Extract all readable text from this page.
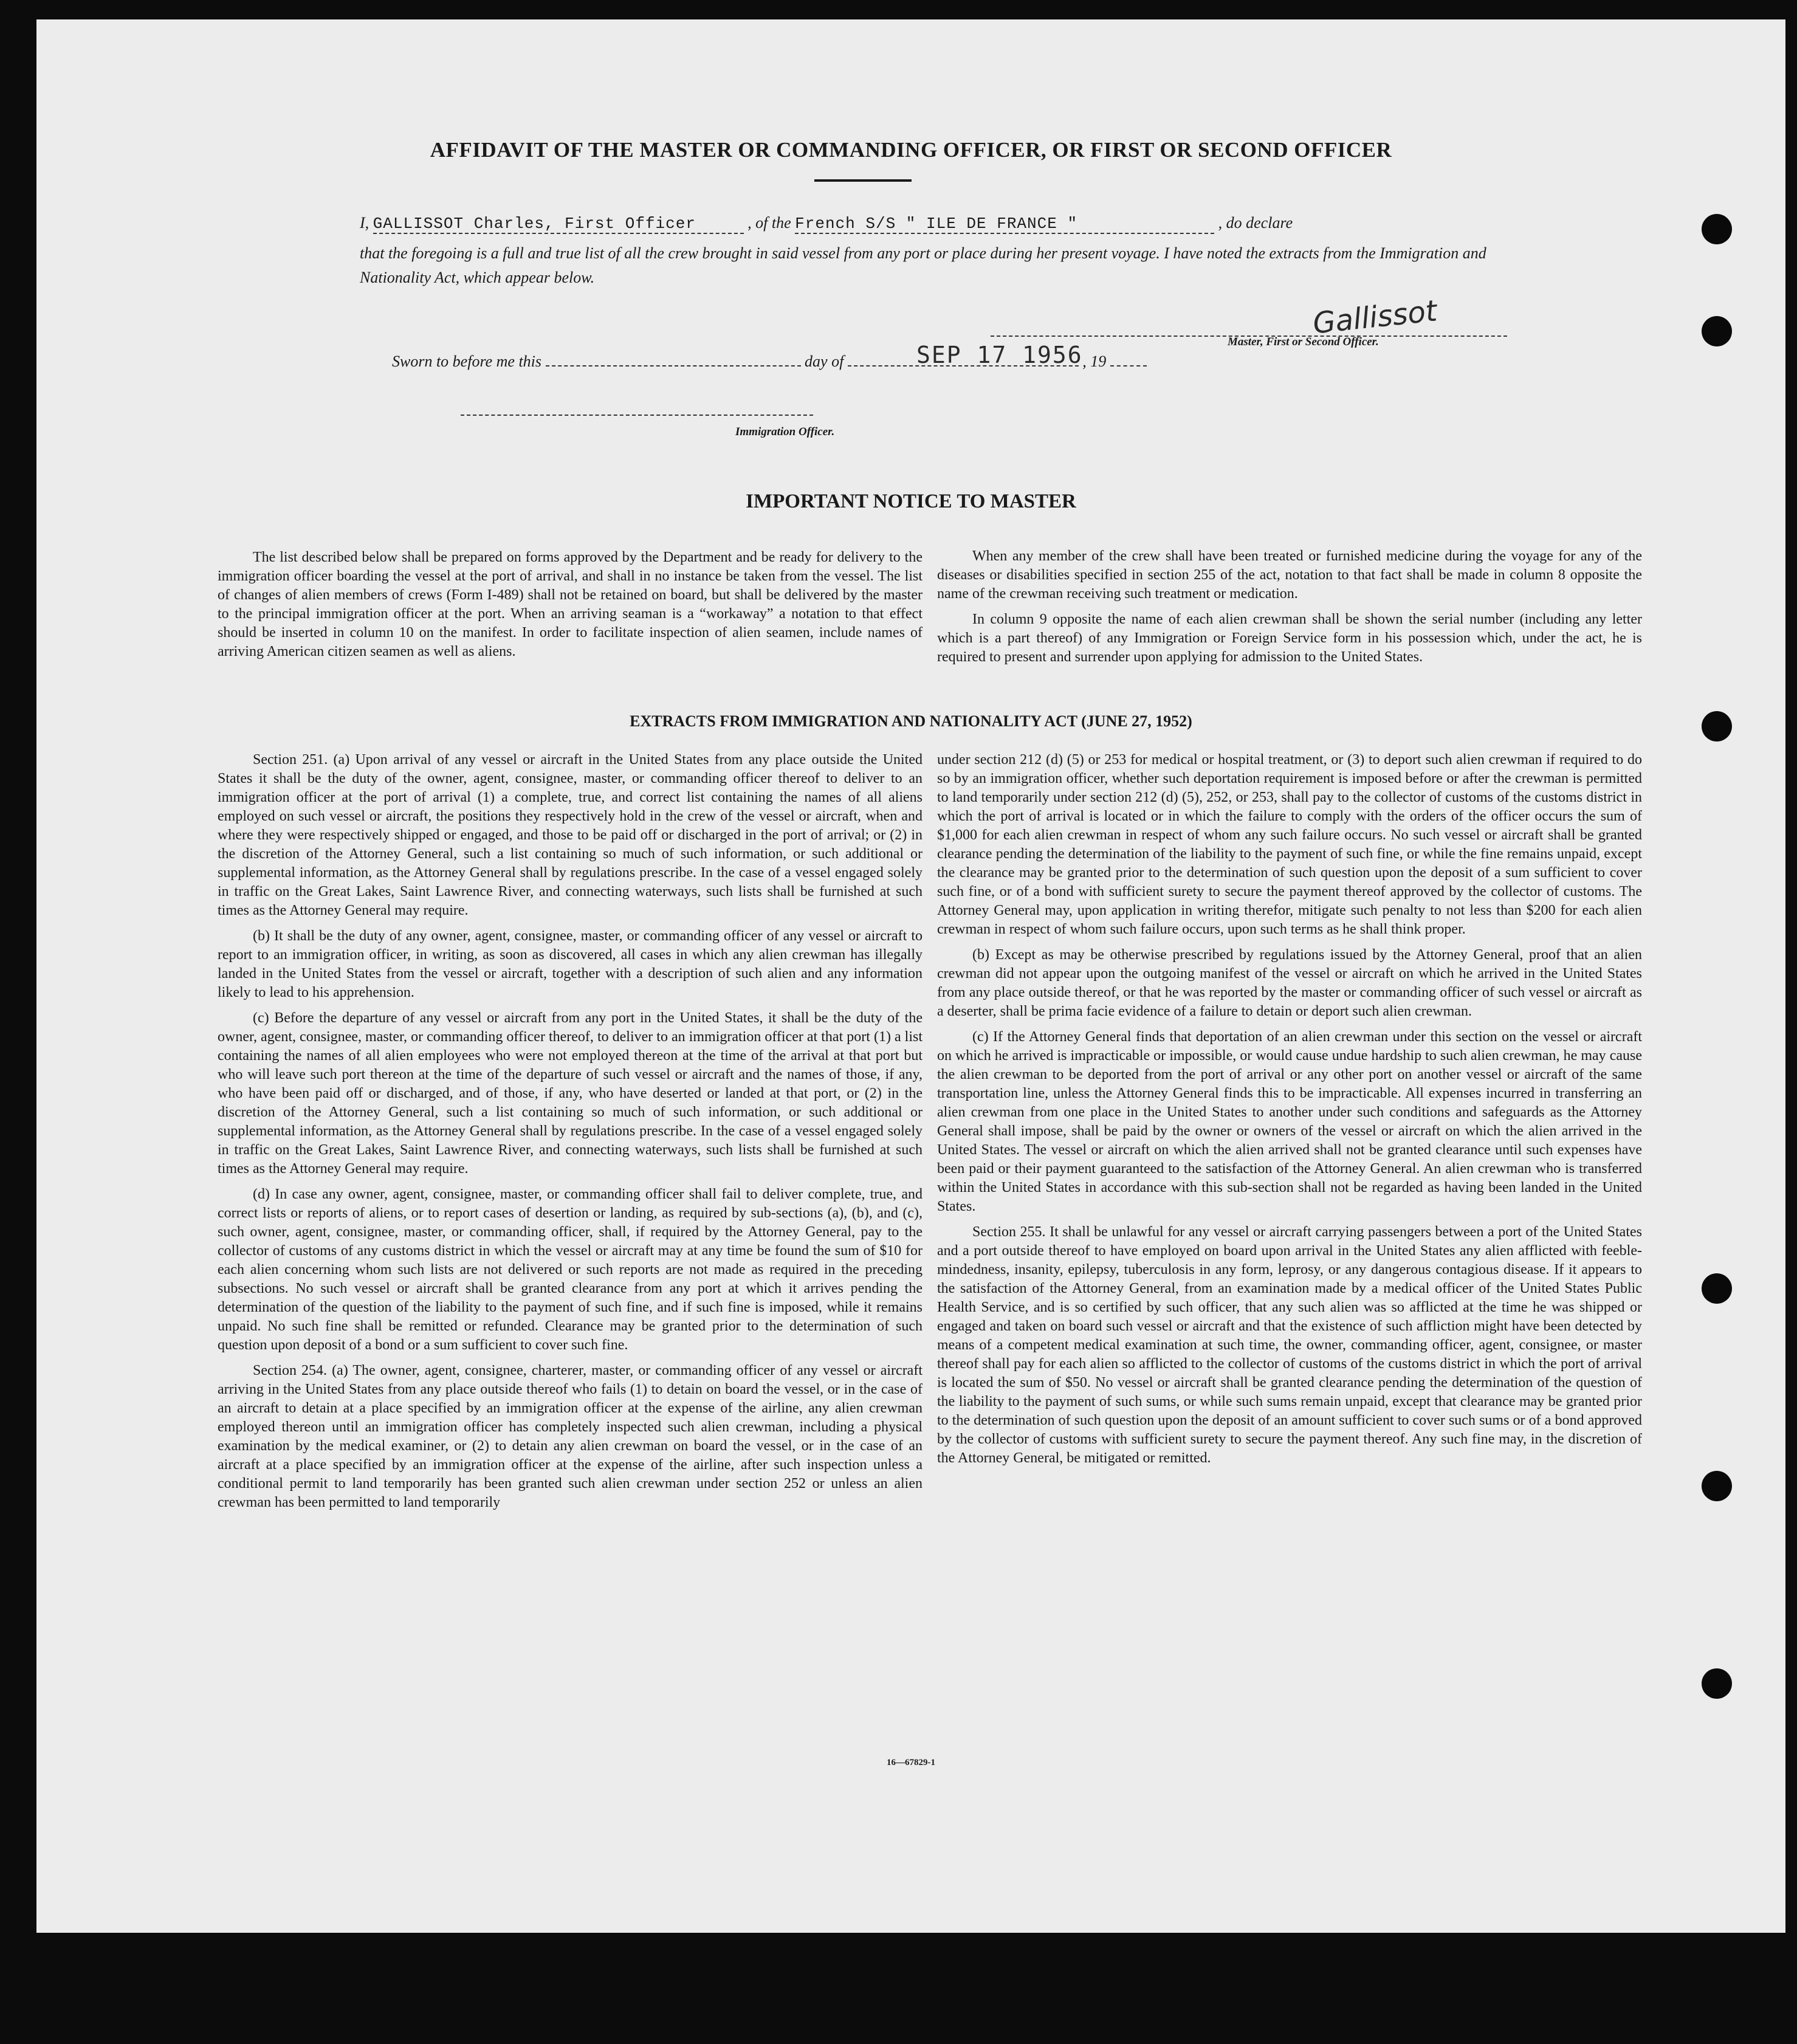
AFFIDAVIT OF THE MASTER OR COMMANDING OFFICER, OR FIRST OR SECOND OFFICER
I, GALLISSOT Charles, First Officer	, of the French S/S " ILE DE FRANCE "	, do declare
that the foregoing is a full and true list of all the crew brought in said vessel from any port or place during her present voyage. I have noted the extracts from the Immigration and Nationality Act, which appear below.
Gallissot
Master, First or Second Officer.
Sworn to before me this	day of	, 19
SEP 17 1956
Immigration Officer.
IMPORTANT NOTICE TO MASTER

The list described below shall be prepared on forms approved by the Department and be ready for delivery to the immigration officer boarding the vessel at the port of arrival, and shall in no instance be taken from the vessel. The list of changes of alien members of crews (Form I-489) shall not be retained on board, but shall be delivered by the master to the principal immigration officer at the port. When an arriving seaman is a “workaway” a notation to that effect should be inserted in column 10 on the manifest. In order to facilitate inspection of alien seamen, include names of arriving American citizen seamen as well as aliens.

When any member of the crew shall have been treated or furnished medicine during the voyage for any of the diseases or disabilities specified in section 255 of the act, notation to that fact shall be made in column 8 opposite the name of the crewman receiving such treatment or medication.

In column 9 opposite the name of each alien crewman shall be shown the serial number (including any letter which is a part thereof) of any Immigration or Foreign Service form in his possession which, under the act, he is required to present and surrender upon applying for admission to the United States.

EXTRACTS FROM IMMIGRATION AND NATIONALITY ACT (JUNE 27, 1952)

Section 251. (a) Upon arrival of any vessel or aircraft in the United States from any place outside the United States it shall be the duty of the owner, agent, consignee, master, or commanding officer thereof to deliver to an immigration officer at the port of arrival (1) a complete, true, and correct list containing the names of all aliens employed on such vessel or aircraft, the positions they respectively hold in the crew of the vessel or aircraft, when and where they were respectively shipped or engaged, and those to be paid off or discharged in the port of arrival; or (2) in the discretion of the Attorney General, such a list containing so much of such information, or such additional or supplemental information, as the Attorney General shall by regulations prescribe. In the case of a vessel engaged solely in traffic on the Great Lakes, Saint Lawrence River, and connecting waterways, such lists shall be furnished at such times as the Attorney General may require.

(b) It shall be the duty of any owner, agent, consignee, master, or commanding officer of any vessel or aircraft to report to an immigration officer, in writing, as soon as discovered, all cases in which any alien crewman has illegally landed in the United States from the vessel or aircraft, together with a description of such alien and any information likely to lead to his apprehension.

(c) Before the departure of any vessel or aircraft from any port in the United States, it shall be the duty of the owner, agent, consignee, master, or commanding officer thereof, to deliver to an immigration officer at that port (1) a list containing the names of all alien employees who were not employed thereon at the time of the arrival at that port but who will leave such port thereon at the time of the departure of such vessel or aircraft and the names of those, if any, who have been paid off or discharged, and of those, if any, who have deserted or landed at that port, or (2) in the discretion of the Attorney General, such a list containing so much of such information, or such additional or supplemental information, as the Attorney General shall by regulations prescribe. In the case of a vessel engaged solely in traffic on the Great Lakes, Saint Lawrence River, and connecting waterways, such lists shall be furnished at such times as the Attorney General may require.

(d) In case any owner, agent, consignee, master, or commanding officer shall fail to deliver complete, true, and correct lists or reports of aliens, or to report cases of desertion or landing, as required by sub-sections (a), (b), and (c), such owner, agent, consignee, master, or commanding officer, shall, if required by the Attorney General, pay to the collector of customs of any customs district in which the vessel or aircraft may at any time be found the sum of $10 for each alien concerning whom such lists are not delivered or such reports are not made as required in the preceding subsections. No such vessel or aircraft shall be granted clearance from any port at which it arrives pending the determination of the question of the liability to the payment of such fine, and if such fine is imposed, while it remains unpaid. No such fine shall be remitted or refunded. Clearance may be granted prior to the determination of such question upon deposit of a bond or a sum sufficient to cover such fine.

Section 254. (a) The owner, agent, consignee, charterer, master, or commanding officer of any vessel or aircraft arriving in the United States from any place outside thereof who fails (1) to detain on board the vessel, or in the case of an aircraft to detain at a place specified by an immigration officer at the expense of the airline, any alien crewman employed thereon until an immigration officer has completely inspected such alien crewman, including a physical examination by the medical examiner, or (2) to detain any alien crewman on board the vessel, or in the case of an aircraft at a place specified by an immigration officer at the expense of the airline, after such inspection unless a conditional permit to land temporarily has been granted such alien crewman under section 252 or unless an alien crewman has been permitted to land temporarily

under section 212 (d) (5) or 253 for medical or hospital treatment, or (3) to deport such alien crewman if required to do so by an immigration officer, whether such deportation requirement is imposed before or after the crewman is permitted to land temporarily under section 212 (d) (5), 252, or 253, shall pay to the collector of customs of the customs district in which the port of arrival is located or in which the failure to comply with the orders of the officer occurs the sum of $1,000 for each alien crewman in respect of whom any such failure occurs. No such vessel or aircraft shall be granted clearance pending the determination of the liability to the payment of such fine, or while the fine remains unpaid, except the clearance may be granted prior to the determination of such question upon the deposit of a sum sufficient to cover such fine, or of a bond with sufficient surety to secure the payment thereof approved by the collector of customs. The Attorney General may, upon application in writing therefor, mitigate such penalty to not less than $200 for each alien crewman in respect of whom such failure occurs, upon such terms as he shall think proper.

(b) Except as may be otherwise prescribed by regulations issued by the Attorney General, proof that an alien crewman did not appear upon the outgoing manifest of the vessel or aircraft on which he arrived in the United States from any place outside thereof, or that he was reported by the master or commanding officer of such vessel or aircraft as a deserter, shall be prima facie evidence of a failure to detain or deport such alien crewman.

(c) If the Attorney General finds that deportation of an alien crewman under this section on the vessel or aircraft on which he arrived is impracticable or impossible, or would cause undue hardship to such alien crewman, he may cause the alien crewman to be deported from the port of arrival or any other port on another vessel or aircraft of the same transportation line, unless the Attorney General finds this to be impracticable. All expenses incurred in transferring an alien crewman from one place in the United States to another under such conditions and safeguards as the Attorney General shall impose, shall be paid by the owner or owners of the vessel or aircraft on which the alien arrived in the United States. The vessel or aircraft on which the alien arrived shall not be granted clearance until such expenses have been paid or their payment guaranteed to the satisfaction of the Attorney General. An alien crewman who is transferred within the United States in accordance with this sub-section shall not be regarded as having been landed in the United States.

Section 255. It shall be unlawful for any vessel or aircraft carrying passengers between a port of the United States and a port outside thereof to have employed on board upon arrival in the United States any alien afflicted with feeble-mindedness, insanity, epilepsy, tuberculosis in any form, leprosy, or any dangerous contagious disease. If it appears to the satisfaction of the Attorney General, from an examination made by a medical officer of the United States Public Health Service, and is so certified by such officer, that any such alien was so afflicted at the time he was shipped or engaged and taken on board such vessel or aircraft and that the existence of such affliction might have been detected by means of a competent medical examination at such time, the owner, commanding officer, agent, consignee, or master thereof shall pay for each alien so afflicted to the collector of customs of the customs district in which the port of arrival is located the sum of $50. No vessel or aircraft shall be granted clearance pending the determination of the question of the liability to the payment of such sums, or while such sums remain unpaid, except that clearance may be granted prior to the determination of such question upon the deposit of an amount sufficient to cover such sums or of a bond approved by the collector of customs with sufficient surety to secure the payment thereof. Any such fine may, in the discretion of the Attorney General, be mitigated or remitted.

16—67829-1
